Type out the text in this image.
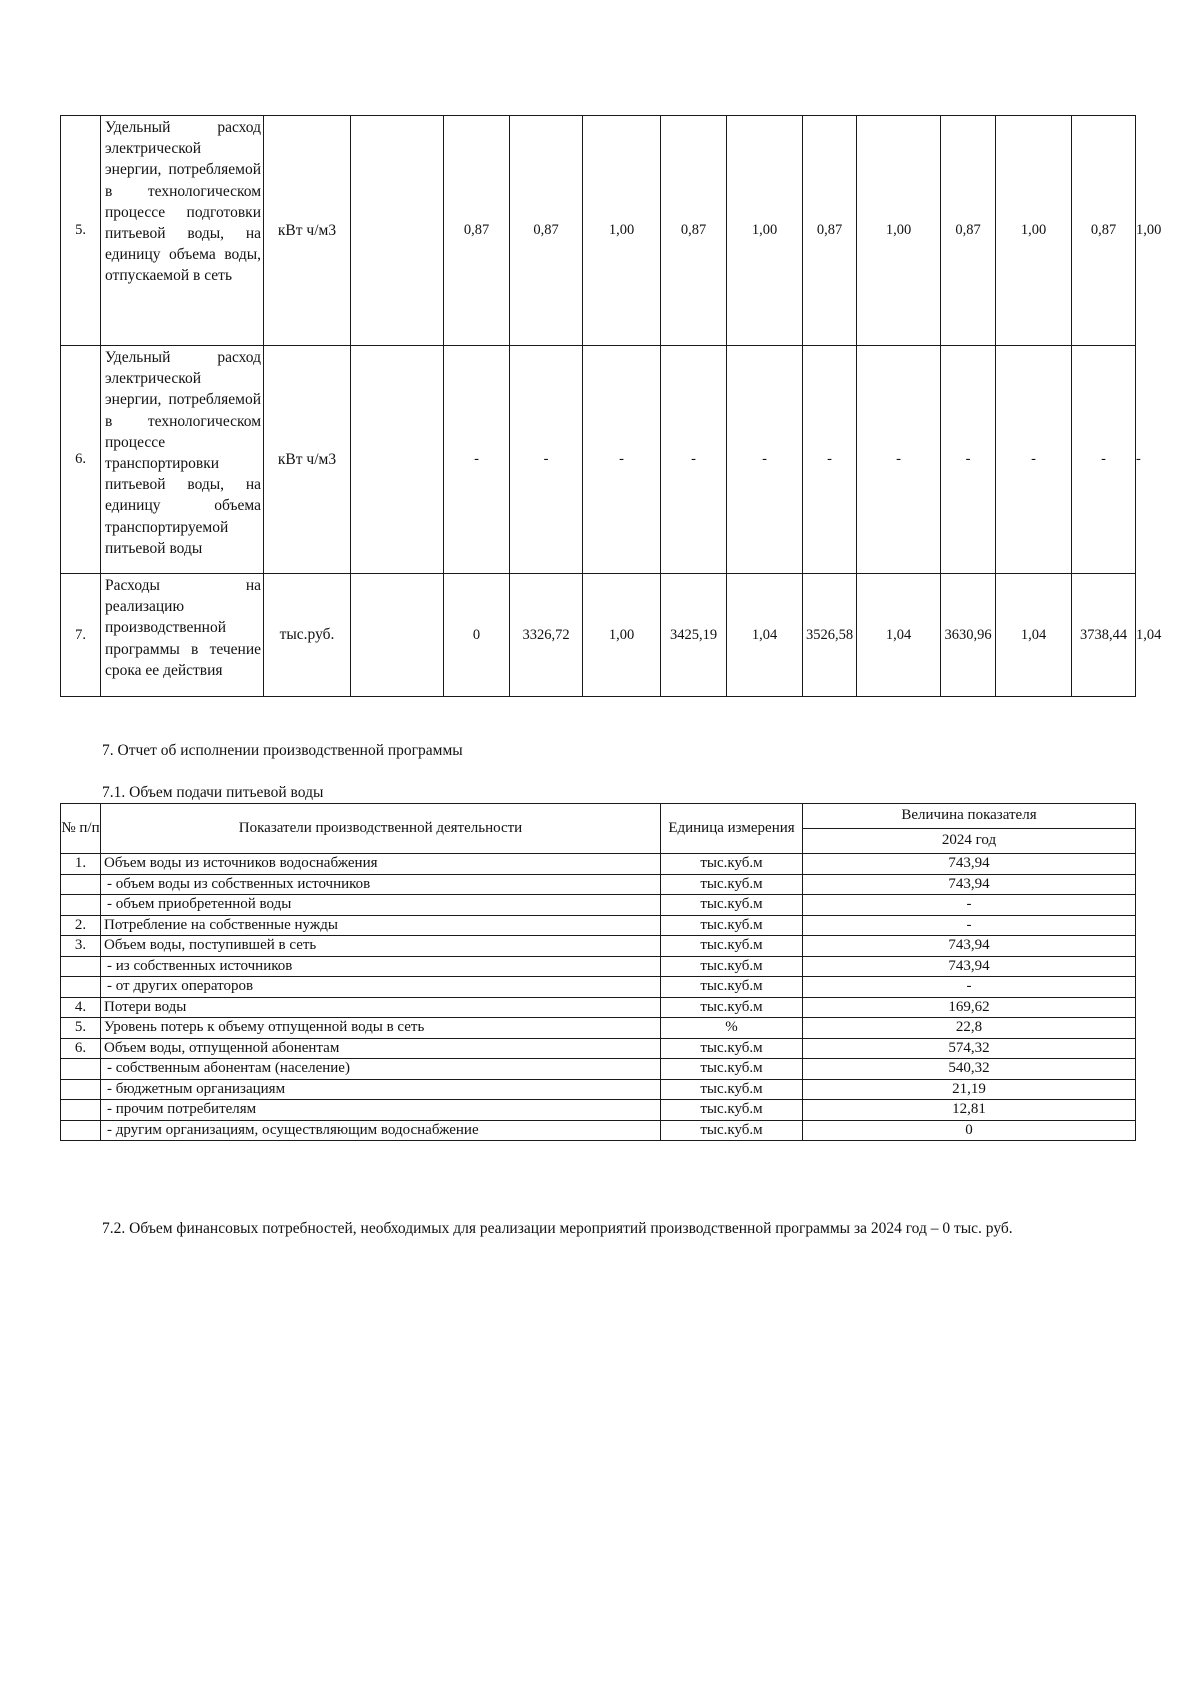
5.	Удельный расход электрической энергии, потребляемой в технологическом процессе подготовки питьевой воды, на единицу объема воды, отпускаемой в сеть	кВт ч/м3		0,87	0,87	1,00	0,87	1,00	0,87	1,00	0,87	1,00	0,87	1,00
6.	Удельный расход электрической энергии, потребляемой в технологическом процессе транспортировки питьевой воды, на единицу объема транспортируемой питьевой воды	кВт ч/м3		-	-	-	-	-	-	-	-	-	-	-
7.	Расходы на реализацию производственной программы в течение срока ее действия	тыс.руб.		0	3326,72	1,00	3425,19	1,04	3526,58	1,04	3630,96	1,04	3738,44	1,04
7. Отчет об исполнении производственной программы
7.1. Объем подачи питьевой воды
№ п/п	Показатели производственной деятельности	Единица измерения	Величина показателя
			2024 год
1.	Объем воды из источников водоснабжения	тыс.куб.м	743,94
	- объем воды из собственных источников	тыс.куб.м	743,94
	- объем приобретенной воды	тыс.куб.м	-
2.	Потребление на собственные нужды	тыс.куб.м	-
3.	Объем воды, поступившей в сеть	тыс.куб.м	743,94
	- из собственных источников	тыс.куб.м	743,94
	- от других операторов	тыс.куб.м	-
4.	Потери воды	тыс.куб.м	169,62
5.	Уровень потерь к объему отпущенной воды в сеть	%	22,8
6.	Объем воды, отпущенной абонентам	тыс.куб.м	574,32
	- собственным абонентам (население)	тыс.куб.м	540,32
	- бюджетным организациям	тыс.куб.м	21,19
	- прочим потребителям	тыс.куб.м	12,81
	- другим организациям, осуществляющим водоснабжение	тыс.куб.м	0
7.2. Объем финансовых потребностей, необходимых для реализации мероприятий производственной программы за 2024 год – 0 тыс. руб.
